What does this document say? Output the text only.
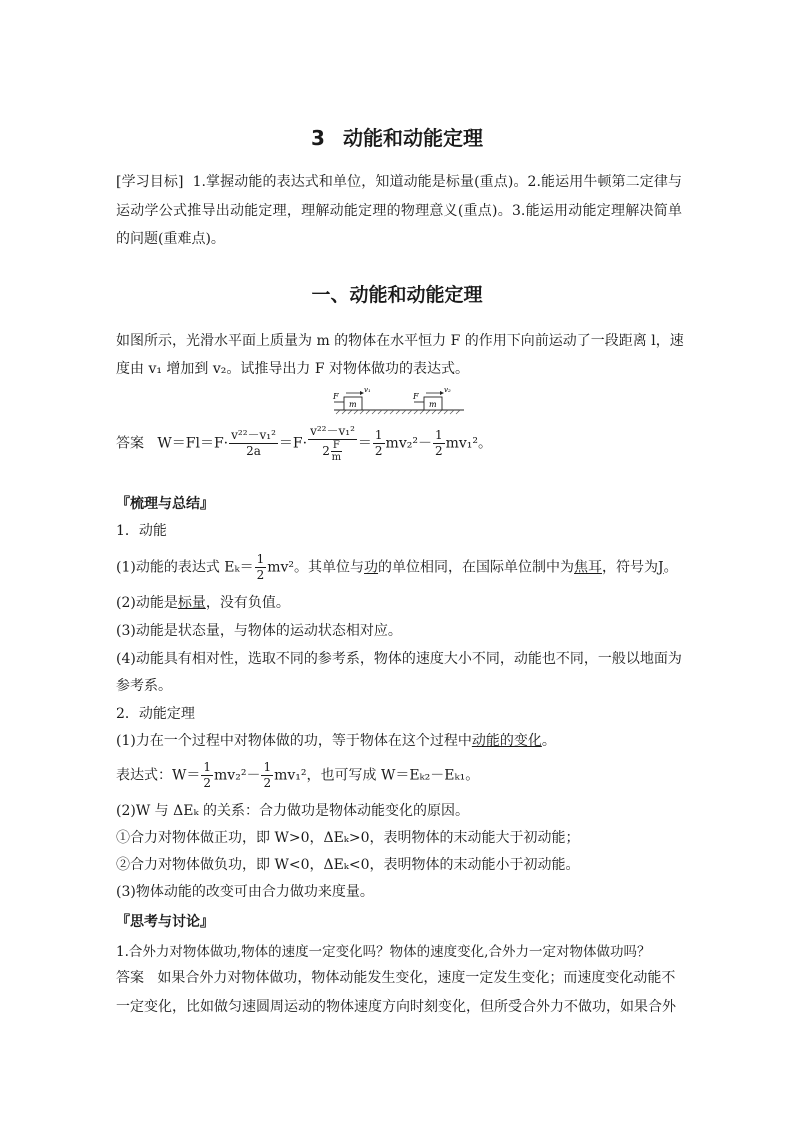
3 动能和动能定理
[学习目标] 1.掌握动能的表达式和单位，知道动能是标量(重点)。2.能运用牛顿第二定律与运动学公式推导出动能定理，理解动能定理的物理意义(重点)。3.能运用动能定理解决简单的问题(重难点)。
一、动能和动能定理
如图所示，光滑水平面上质量为 m 的物体在水平恒力 F 的作用下向前运动了一段距离 l，速
度由 v₁ 增加到 v₂。试推导出力 F 对物体做功的表达式。
F	F
m	m
v₁	v₂
答案 $W=Fl=F\cdot \frac{\text{v²²－v₁²}}{2a} =F\cdot \frac{\text{v²²－v₁²}}{2 \frac{F}{m}} = \frac{1}{2} mv_2^2- \frac{1}{2} mv_1^2$。
『梳理与总结』
1．动能
(1)动能的表达式 $E_k= \frac{1}{2} mv^2$。其单位与功的单位相同，在国际单位制中为焦耳，符号为J。
(2)动能是标量，没有负值。
(3)动能是状态量，与物体的运动状态相对应。
(4)动能具有相对性，选取不同的参考系，物体的速度大小不同，动能也不同，一般以地面为
参考系。
2．动能定理
(1)力在一个过程中对物体做的功，等于物体在这个过程中动能的变化。
表达式：$W= \frac{1}{2} mv_2^2- \frac{1}{2} mv_1^2$，也可写成 W＝Eₖ₂－Eₖ₁。
(2)W 与 ΔEₖ 的关系：合力做功是物体动能变化的原因。
①合力对物体做正功，即 W>0，ΔEₖ>0，表明物体的末动能大于初动能；
②合力对物体做负功，即 W<0，ΔEₖ<0，表明物体的末动能小于初动能。
(3)物体动能的改变可由合力做功来度量。
『思考与讨论』
1.合外力对物体做功,物体的速度一定变化吗？物体的速度变化,合外力一定对物体做功吗？
答案 如果合外力对物体做功，物体动能发生变化，速度一定发生变化；而速度变化动能不
一定变化，比如做匀速圆周运动的物体速度方向时刻变化，但所受合外力不做功，如果合外
